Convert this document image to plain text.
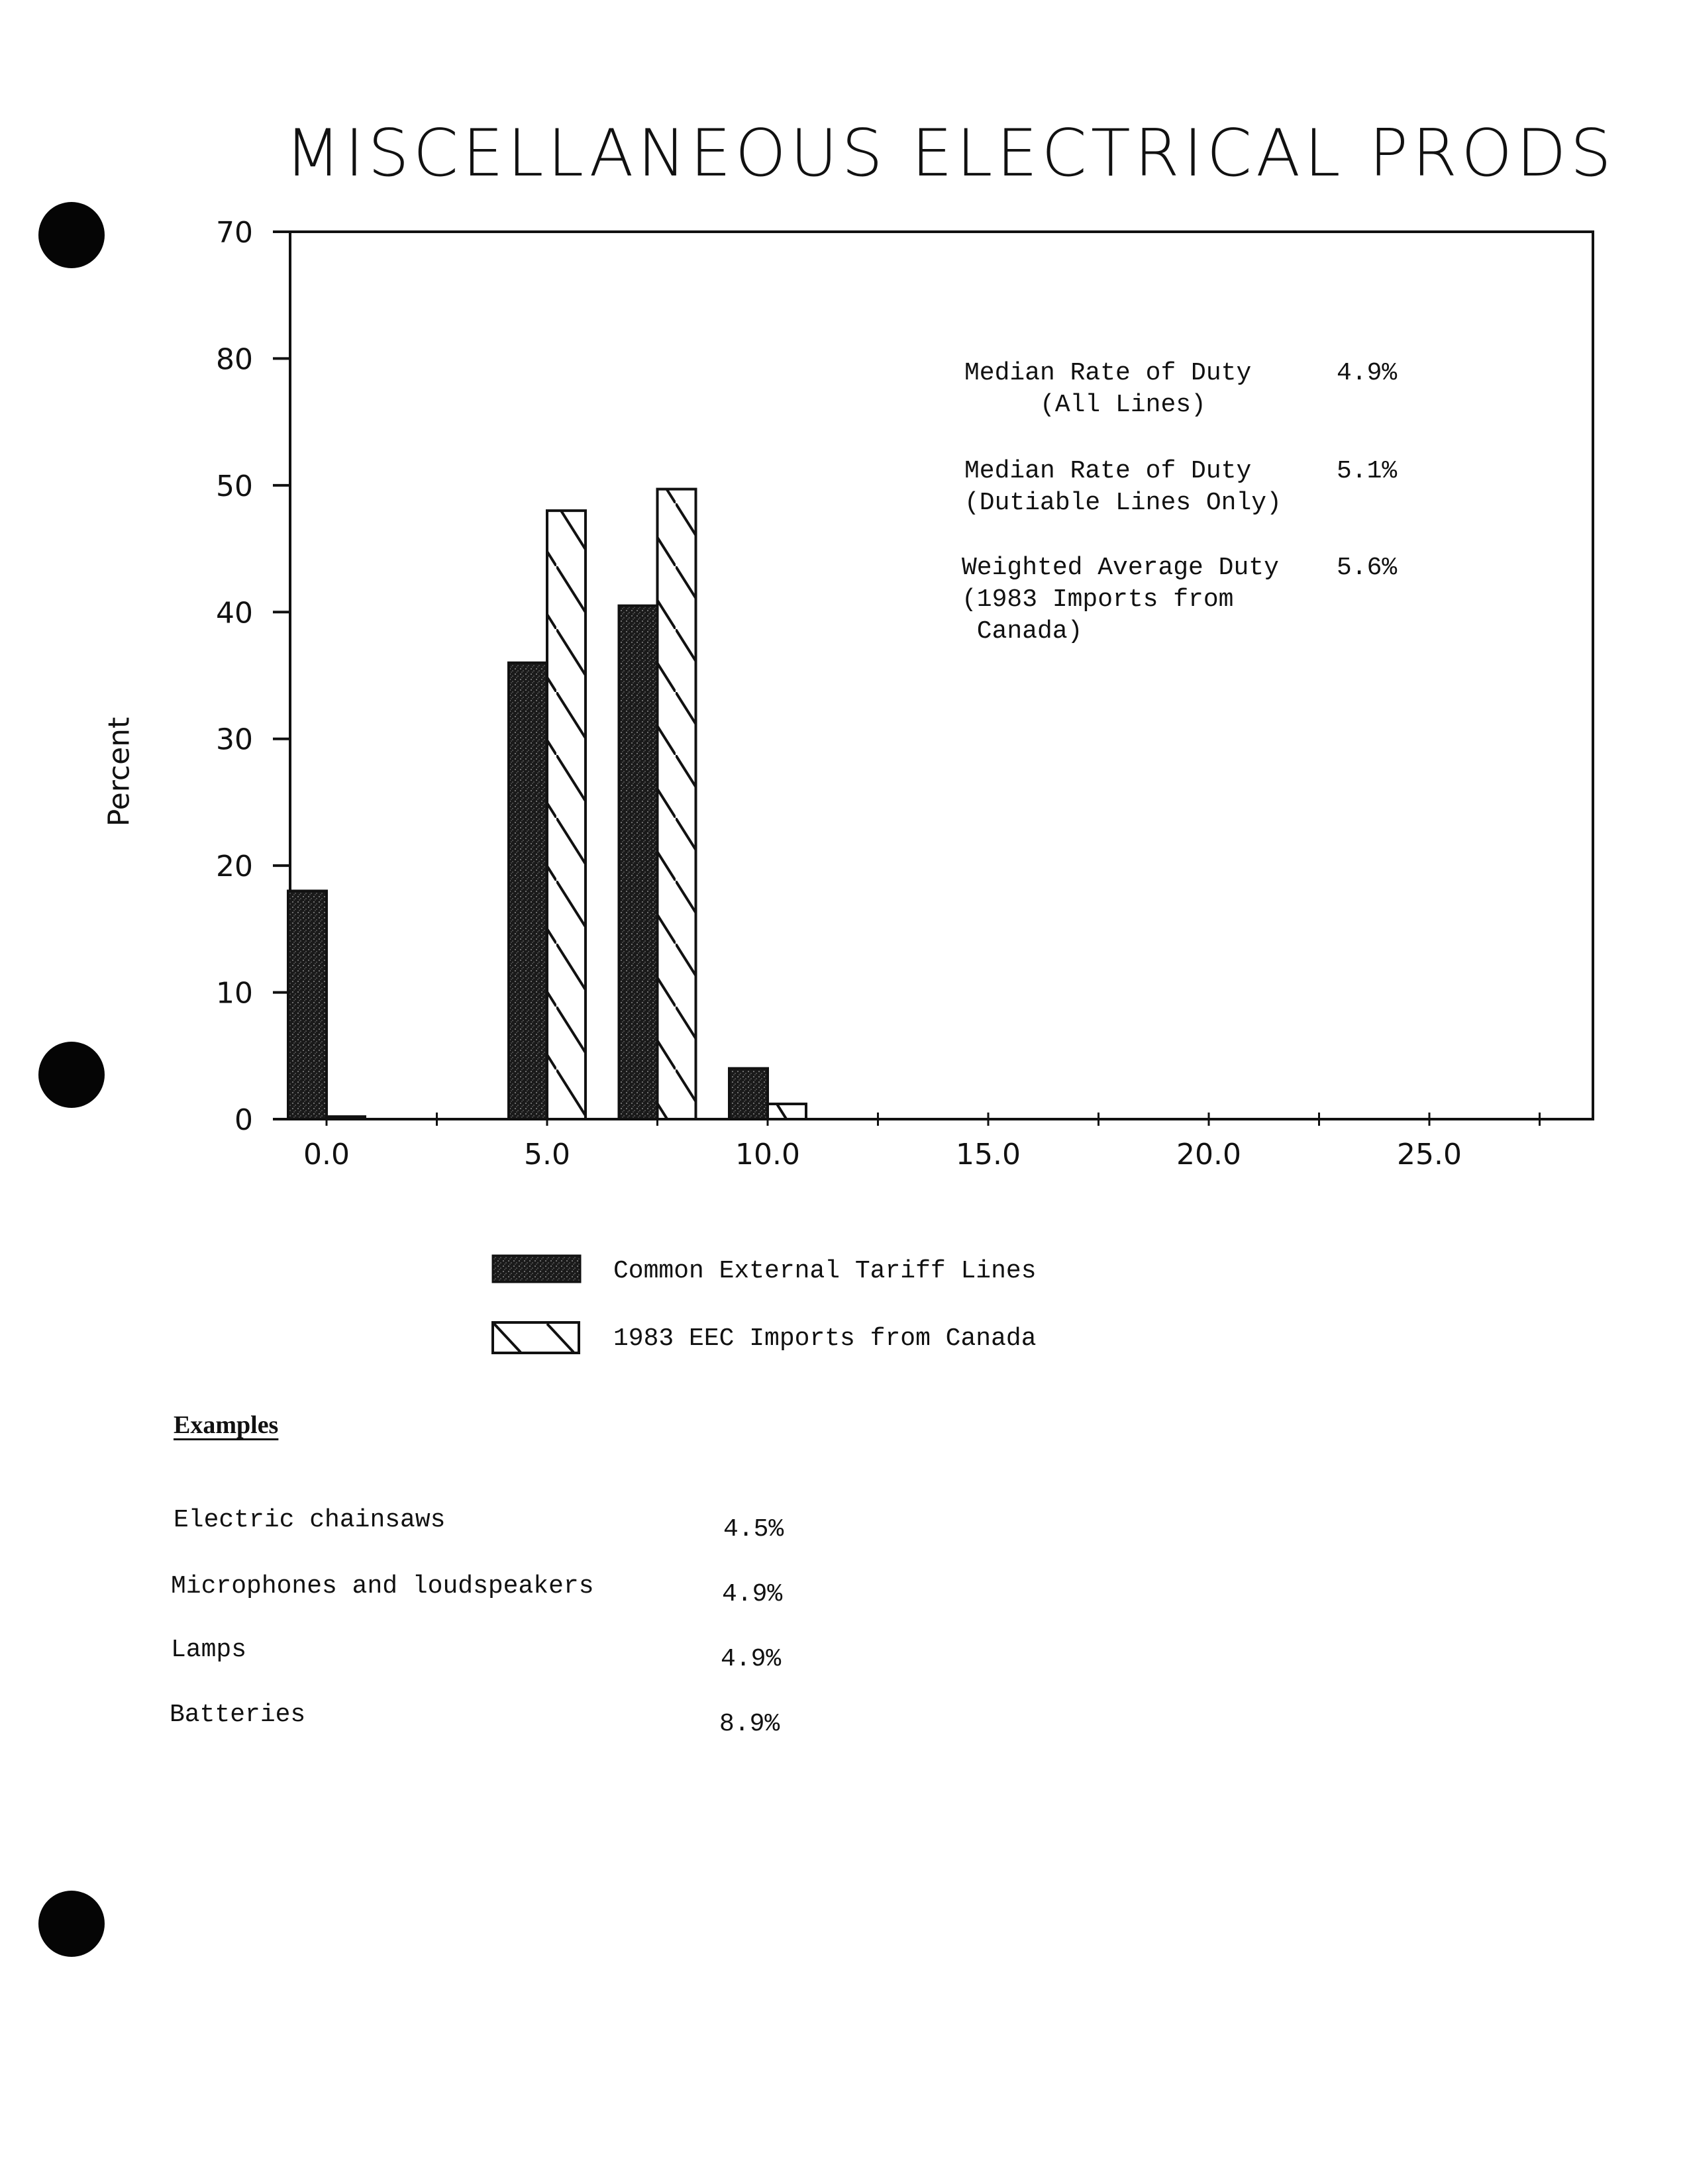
MISCELLANEOUS ELECTRICAL PRODS
0
10
20
30
40
50
80
70
0.0	5.0	10.0	15.0	20.0	25.0
Percent
Median Rate of Duty
(All Lines)
4.9%
Median Rate of Duty
(Dutiable Lines Only)
5.1%
Weighted Average Duty
(1983 Imports from
Canada)
5.6%
Common External Tariff Lines
1983 EEC Imports from Canada
Examples
Electric chainsaws	4.5%
Microphones and loudspeakers	4.9%
Lamps	4.9%
Batteries	8.9%
